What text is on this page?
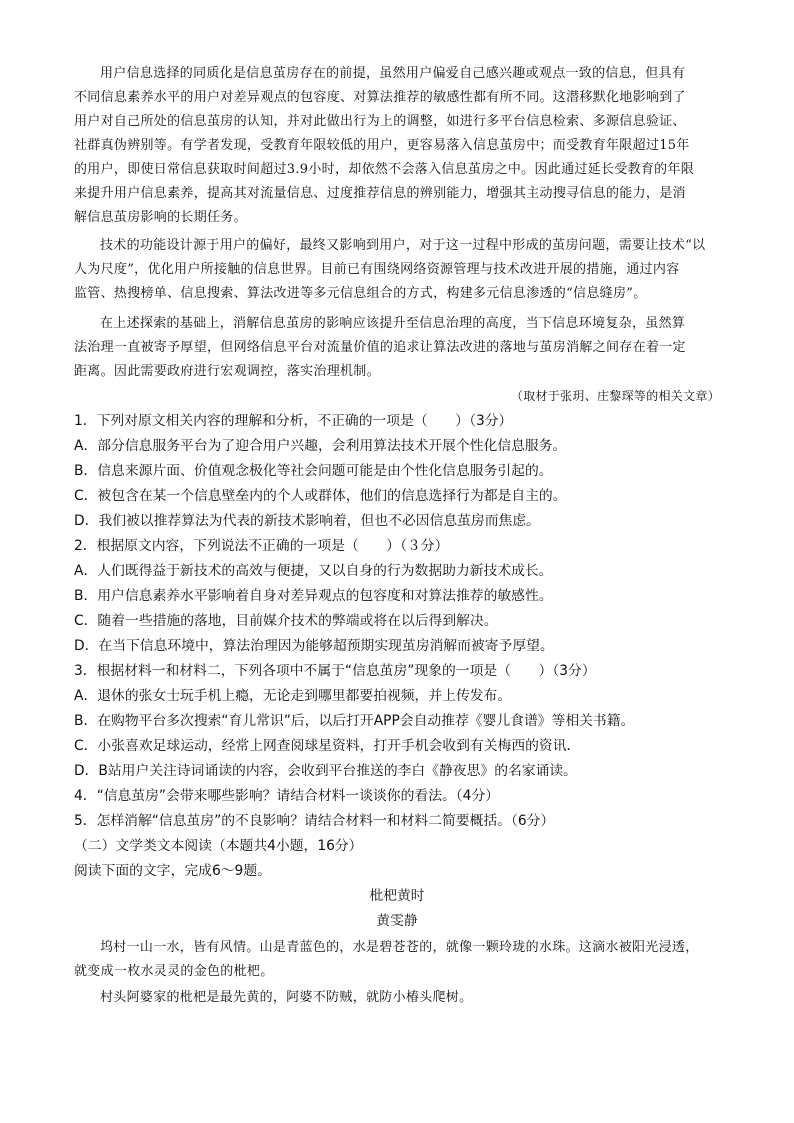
用户信息选择的同质化是信息茧房存在的前提，虽然用户偏爱自己感兴趣或观点一致的信息，但具有
不同信息素养水平的用户对差异观点的包容度、对算法推荐的敏感性都有所不同。这潜移默化地影响到了
用户对自己所处的信息茧房的认知，并对此做出行为上的调整，如进行多平台信息检索、多源信息验证、
社群真伪辨别等。有学者发现，受教育年限较低的用户，更容易落入信息茧房中；而受教育年限超过15年
的用户，即使日常信息获取时间超过3.9小时，却依然不会落入信息茧房之中。因此通过延长受教育的年限
来提升用户信息素养，提高其对流量信息、过度推荐信息的辨别能力，增强其主动搜寻信息的能力，是消
解信息茧房影响的长期任务。
技术的功能设计源于用户的偏好，最终又影响到用户，对于这一过程中形成的茧房问题，需要让技术“以
人为尺度”，优化用户所接触的信息世界。目前已有围绕网络资源管理与技术改进开展的措施，通过内容
监管、热搜榜单、信息搜索、算法改进等多元信息组合的方式，构建多元信息渗透的“信息缝房”。
在上述探索的基础上，消解信息茧房的影响应该提升至信息治理的高度，当下信息环境复杂，虽然算
法治理一直被寄予厚望，但网络信息平台对流量价值的追求让算法改进的落地与茧房消解之间存在着一定
距离。因此需要政府进行宏观调控，落实治理机制。
（取材于张玥、庄黎琛等的相关文章）
1．下列对原文相关内容的理解和分析，不正确的一项是（　　）（3分）
A．部分信息服务平台为了迎合用户兴趣，会利用算法技术开展个性化信息服务。
B．信息来源片面、价值观念极化等社会问题可能是由个性化信息服务引起的。
C．被包含在某一个信息壁垒内的个人或群体，他们的信息选择行为都是自主的。
D．我们被以推荐算法为代表的新技术影响着，但也不必因信息茧房而焦虑。
2．根据原文内容，下列说法不正确的一项是（　　）（３分）
A．人们既得益于新技术的高效与便捷，又以自身的行为数据助力新技术成长。
B．用户信息素养水平影响着自身对差异观点的包容度和对算法推荐的敏感性。
C．随着一些措施的落地，目前媒介技术的弊端或将在以后得到解决。
D．在当下信息环境中，算法治理因为能够超预期实现茧房消解而被寄予厚望。
3．根据材料一和材料二，下列各项中不属于“信息茧房”现象的一项是（　　）（3分）
A．退休的张女士玩手机上瘾，无论走到哪里都要拍视频，并上传发布。
B．在购物平台多次搜索“育儿常识”后，以后打开APP会自动推荐《婴儿食谱》等相关书籍。
C．小张喜欢足球运动，经常上网查阅球星资料，打开手机会收到有关梅西的资讯．
D．B站用户关注诗词诵读的内容，会收到平台推送的李白《静夜思》的名家诵读。
4．“信息茧房”会带来哪些影响？请结合材料一谈谈你的看法。（4分）
5．怎样消解“信息茧房”的不良影响？请结合材料一和材料二简要概括。（6分）
（二）文学类文本阅读（本题共4小题，16分）
阅读下面的文字，完成6～9题。
枇杷黄时
黄雯静
坞村一山一水，皆有风情。山是青蓝色的，水是碧苍苍的，就像一颗玲珑的水珠。这滴水被阳光浸透，
就变成一枚水灵灵的金色的枇杷。
村头阿婆家的枇杷是最先黄的，阿婆不防贼，就防小椿头爬树。
